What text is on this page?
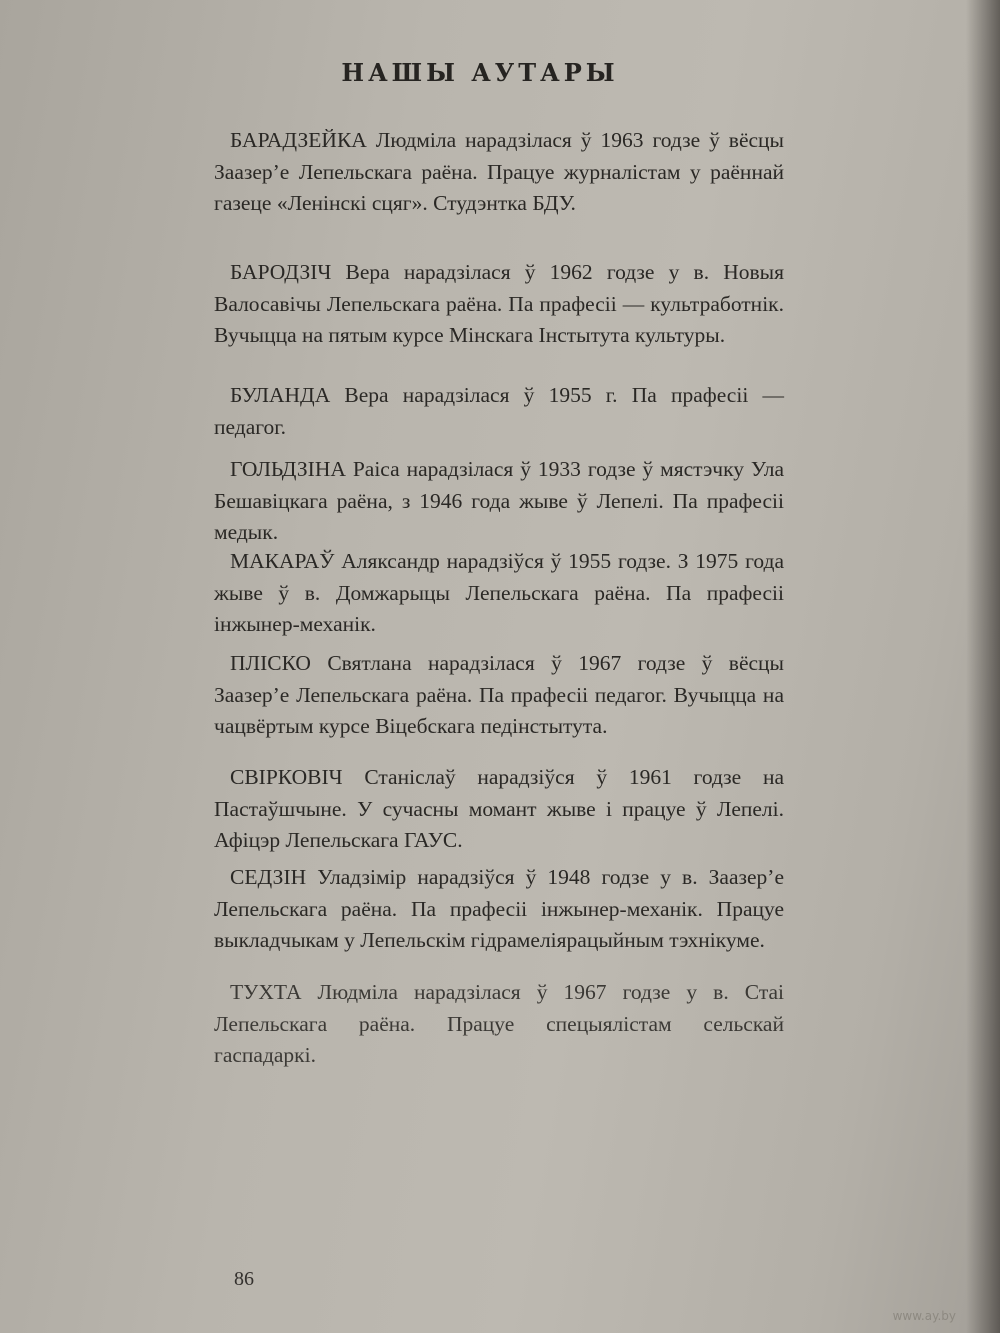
НАШЫ АУТАРЫ

БАРАДЗЕЙКА Людміла нарадзілася ў 1963 годзе ў вёсцы Заазер’е Лепельскага раёна. Працуе журналістам у раённай газеце «Ленінскі сцяг». Студэнтка БДУ.

БАРОДЗІЧ Вера нарадзілася ў 1962 годзе у в. Новыя Валосавічы Лепельскага раёна. Па прафесіі — культработнік. Вучыцца на пятым курсе Мінскага Інстытута культуры.

БУЛАНДА Вера нарадзілася ў 1955 г. Па прафесіі — педагог.

ГОЛЬДЗІНА Раіса нарадзілася ў 1933 годзе ў мястэчку Ула Бешавіцкага раёна, з 1946 года жыве ў Лепелі. Па прафесіі медык.

МАКАРАЎ Аляксандр нарадзіўся ў 1955 годзе. З 1975 года жыве ў в. Домжарыцы Лепельскага раёна. Па прафесіі інжынер-механік.

ПЛІСКО Святлана нарадзілася ў 1967 годзе ў вёсцы Заазер’е Лепельскага раёна. Па прафесіі педагог. Вучыцца на чацвёртым курсе Віцебскага педінстытута.

СВІРКОВІЧ Станіслаў нарадзіўся ў 1961 годзе на Пастаўшчыне. У сучасны момант жыве і працуе ў Лепелі. Афіцэр Лепельскага ГАУС.

СЕДЗІН Уладзімір нарадзіўся ў 1948 годзе у в. Заазер’е Лепельскага раёна. Па прафесіі інжынер-механік. Працуе выкладчыкам у Лепельскім гідрамеліярацыйным тэхнікуме.

ТУХТА Людміла нарадзілася ў 1967 годзе у в. Стаі Лепельскага раёна. Працуе спецыялістам сельскай гаспадаркі.

86

www.ay.by
